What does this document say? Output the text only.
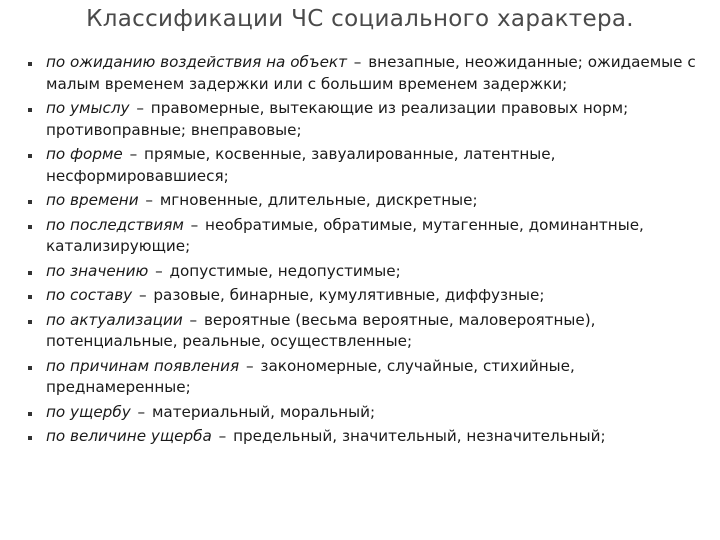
Классификации ЧС социального характера.
по ожиданию воздействия на объект – внезапные, неожиданные; ожидаемые с малым временем задержки или с большим временем задержки;
по умыслу – правомерные, вытекающие из реализации правовых норм; противоправные; внеправовые;
по форме – прямые, косвенные, завуалированные, латентные, несформировавшиеся;
по времени – мгновенные, длительные, дискретные;
по последствиям – необратимые, обратимые, мутагенные, доминантные, катализирующие;
по значению – допустимые, недопустимые;
по составу – разовые, бинарные, кумулятивные, диффузные;
по актуализации – вероятные (весьма вероятные, маловероятные), потенциальные, реальные, осуществленные;
по причинам появления – закономерные, случайные, стихийные, преднамеренные;
по ущербу – материальный, моральный;
по величине ущерба – предельный, значительный, незначительный;
